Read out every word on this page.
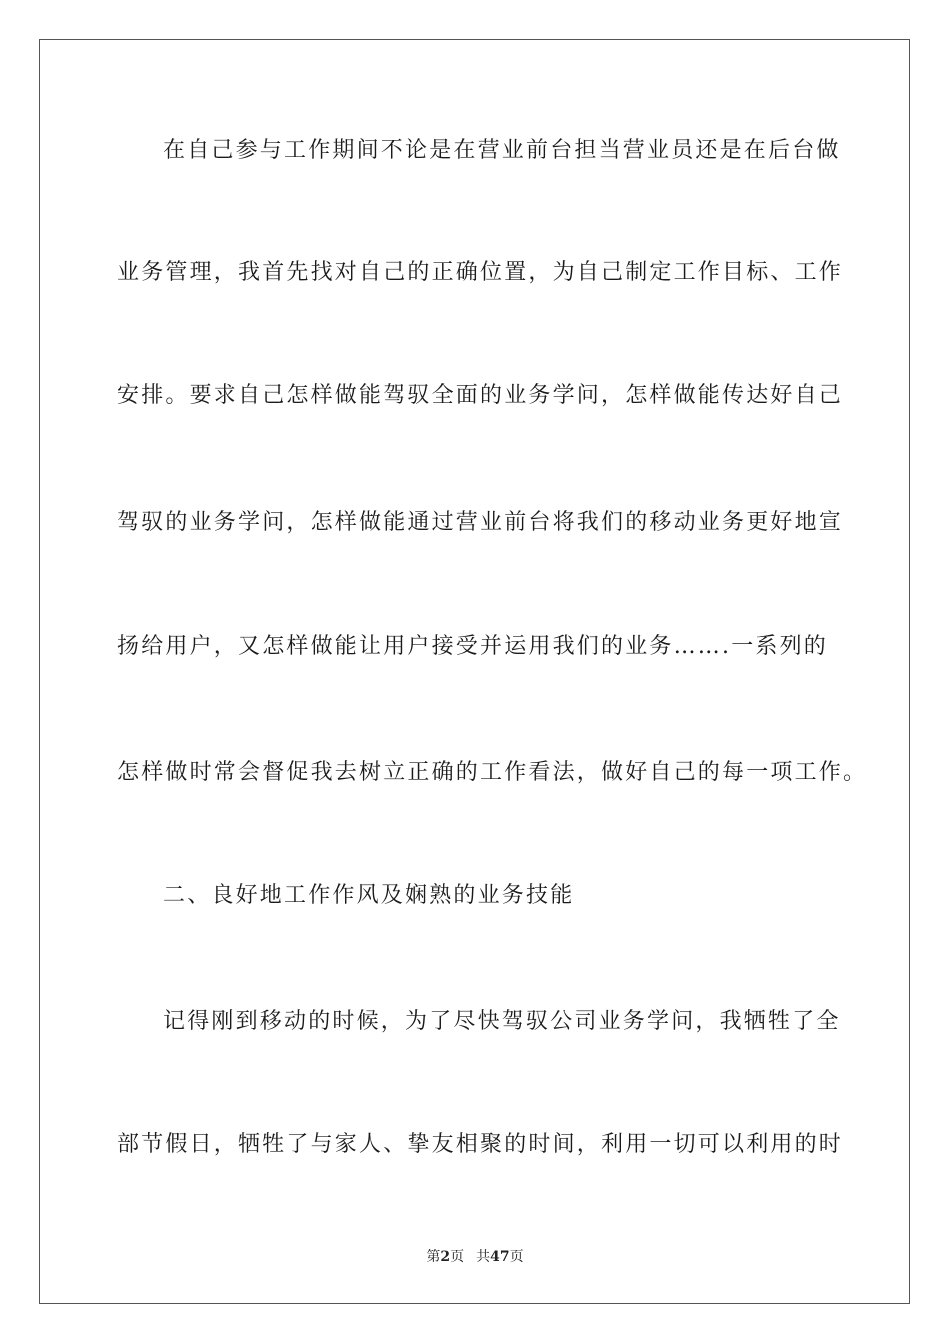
在自己参与工作期间不论是在营业前台担当营业员还是在后台做
业务管理，我首先找对自己的正确位置，为自己制定工作目标、工作
安排。要求自己怎样做能驾驭全面的业务学问，怎样做能传达好自己
驾驭的业务学问，怎样做能通过营业前台将我们的移动业务更好地宣
扬给用户，又怎样做能让用户接受并运用我们的业务…….一系列的
怎样做时常会督促我去树立正确的工作看法，做好自己的每一项工作。
二、良好地工作作风及娴熟的业务技能
记得刚到移动的时候，为了尽快驾驭公司业务学问，我牺牲了全
部节假日，牺牲了与家人、挚友相聚的时间，利用一切可以利用的时
第2页 共47页
